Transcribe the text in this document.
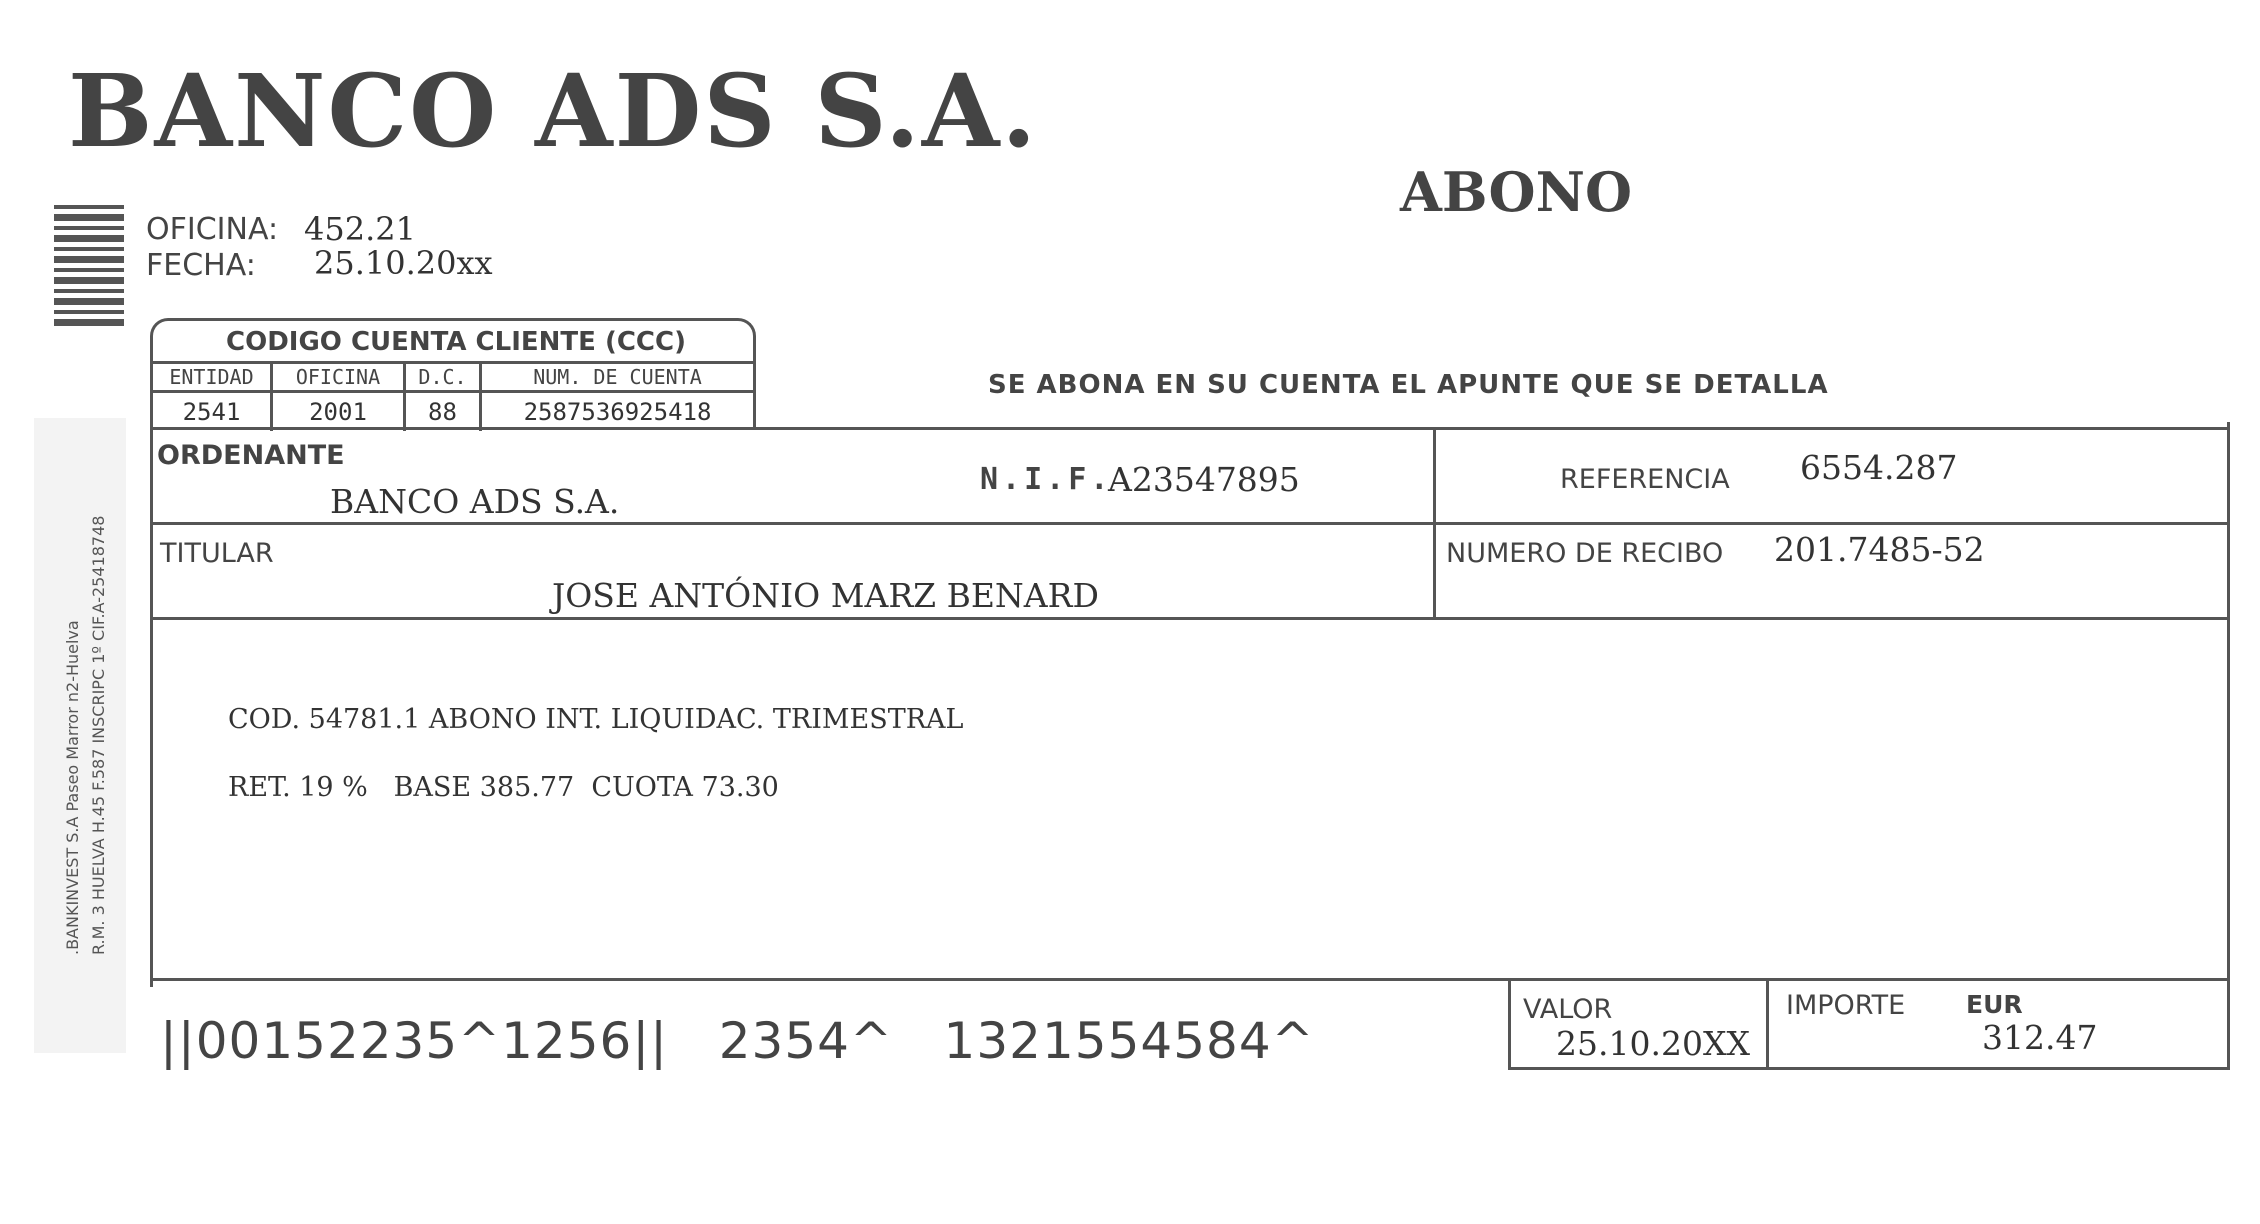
BANCO ADS S.A.
ABONO
OFICINA: 452.21
FECHA: 25.10.20xx
.BANKINVEST S.A Paseo Marror n2-Huelva R.M. 3 HUELVA H.45 F.587 INSCRIPC 1º CIF.A-25418748
CODIGO CUENTA CLIENTE (CCC)
ENTIDAD
2541
OFICINA
2001
D.C.
88
NUM. DE CUENTA
2587536925418
SE ABONA EN SU CUENTA EL APUNTE QUE SE DETALLA
ORDENANTE
BANCO ADS S.A.
N.I.F.
A23547895	REFERENCIA 6554.287
TITULAR
JOSE ANTÓNIO MARZ BENARD
NUMERO DE RECIBO 201.7485-52
COD. 54781.1 ABONO INT. LIQUIDAC. TRIMESTRAL
RET. 19 %   BASE 385.77  CUOTA 73.30
VALOR
25.10.20XX
IMPORTE EUR
312.47
||00152235^1256||   2354^   1321554584^
